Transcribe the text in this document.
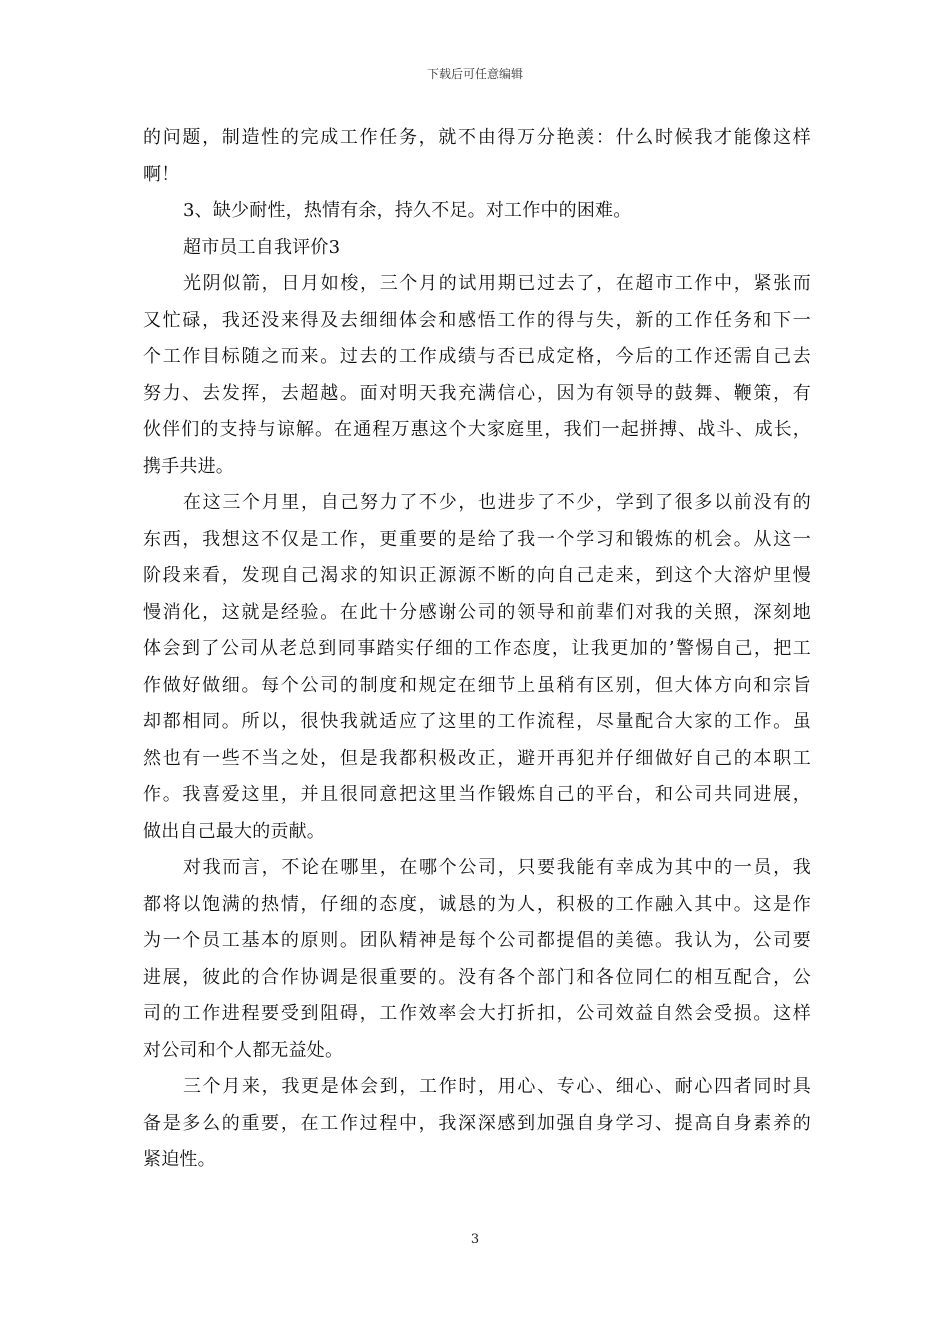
下载后可任意编辑
的问题，制造性的完成工作任务，就不由得万分艳羡：什么时候我才能像这样
啊！
3、缺少耐性，热情有余，持久不足。对工作中的困难。
超市员工自我评价3
光阴似箭，日月如梭，三个月的试用期已过去了，在超市工作中，紧张而
又忙碌，我还没来得及去细细体会和感悟工作的得与失，新的工作任务和下一
个工作目标随之而来。过去的工作成绩与否已成定格，今后的工作还需自己去
努力、去发挥，去超越。面对明天我充满信心，因为有领导的鼓舞、鞭策，有
伙伴们的支持与谅解。在通程万惠这个大家庭里，我们一起拼搏、战斗、成长，
携手共进。
在这三个月里，自己努力了不少，也进步了不少，学到了很多以前没有的
东西，我想这不仅是工作，更重要的是给了我一个学习和锻炼的机会。从这一
阶段来看，发现自己渴求的知识正源源不断的向自己走来，到这个大溶炉里慢
慢消化，这就是经验。在此十分感谢公司的领导和前辈们对我的关照，深刻地
体会到了公司从老总到同事踏实仔细的工作态度，让我更加的’警惕自己，把工
作做好做细。每个公司的制度和规定在细节上虽稍有区别，但大体方向和宗旨
却都相同。所以，很快我就适应了这里的工作流程，尽量配合大家的工作。虽
然也有一些不当之处，但是我都积极改正，避开再犯并仔细做好自己的本职工
作。我喜爱这里，并且很同意把这里当作锻炼自己的平台，和公司共同进展，
做出自己最大的贡献。
对我而言，不论在哪里，在哪个公司，只要我能有幸成为其中的一员，我
都将以饱满的热情，仔细的态度，诚恳的为人，积极的工作融入其中。这是作
为一个员工基本的原则。团队精神是每个公司都提倡的美德。我认为，公司要
进展，彼此的合作协调是很重要的。没有各个部门和各位同仁的相互配合，公
司的工作进程要受到阻碍，工作效率会大打折扣，公司效益自然会受损。这样
对公司和个人都无益处。
三个月来，我更是体会到，工作时，用心、专心、细心、耐心四者同时具
备是多么的重要，在工作过程中，我深深感到加强自身学习、提高自身素养的
紧迫性。
3
